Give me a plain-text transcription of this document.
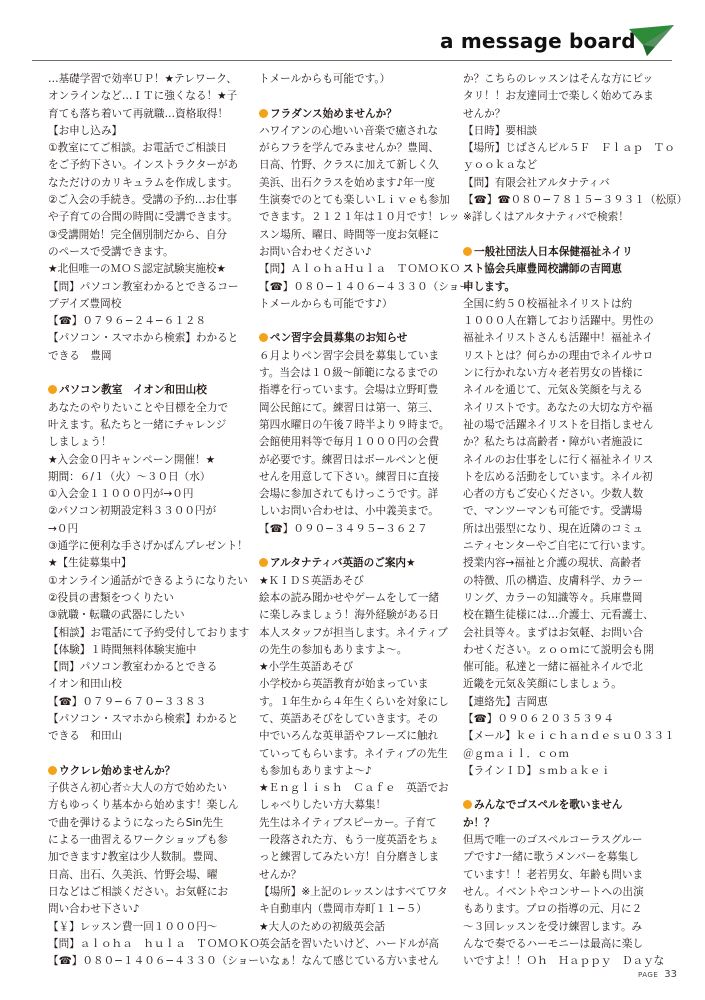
a message board
…基礎学習で効率ＵＰ！★テレワーク、
オンラインなど…ＩＴに強くなる！★子
育ても落ち着いて再就職…資格取得！
【お申し込み】
①教室にてご相談。お電話でご相談日
をご予約下さい。インストラクターがあ
なただけのカリキュラムを作成します。
②ご入会の手続き。受講の予約…お仕事
や子育ての合間の時間に受講できます。
③受講開始！完全個別制だから、自分
のペースで受講できます。
★北但唯一のＭＯＳ認定試験実施校★
【問】パソコン教室わかるとできるコー
プデイズ豊岡校
【☎】０７９６−２４−６１２８
【パソコン・スマホから検索】わかると
できる　豊岡
パソコン教室　イオン和田山校
あなたのやりたいことや目標を全力で
叶えます。私たちと一緒にチャレンジ
しましょう！
★入会金０円キャンペーン開催！★
期間：６/１（火）〜３０日（水）
①入会金１１０００円が→０円
②パソコン初期設定料３３００円が
→０円
③通学に便利な手さげかばんプレゼント！
★【生徒募集中】
①オンライン通話ができるようになりたい
②役員の書類をつくりたい
③就職・転職の武器にしたい
【相談】お電話にて予約受付しております
【体験】１時間無料体験実施中
【問】パソコン教室わかるとできる
イオン和田山校
【☎】０７９−６７０−３３８３
【パソコン・スマホから検索】わかると
できる　和田山
ウクレレ始めませんか？
子供さん初心者☆大人の方で始めたい
方もゆっくり基本から始めます！楽しん
で曲を弾けるようになったらSin先生
による一曲習えるワークショップも参
加できます♪教室は少人数制。豊岡、
日高、出石、久美浜、竹野会場、曜
日などはご相談ください。お気軽にお
問い合わせ下さい♪
【￥】レッスン費一回１０００円〜
【問】ａｌｏｈａ　ｈｕｌａ　ＴＯＭＯＫＯ
【☎】０８０−１４０６−４３３０（ショー
トメールからも可能です。）
フラダンス始めませんか？
ハワイアンの心地いい音楽で癒されな
がらフラを学んでみませんか？豊岡、
日高、竹野、クラスに加えて新しく久
美浜、出石クラスを始めます♪年一度
生演奏でのとても楽しいＬｉｖｅも参加
できます。２１２１年は１０月です！レッ
スン場所、曜日、時間等一度お気軽に
お問い合わせください♪
【問】ＡｌｏｈａＨｕｌａ　ＴＯＭＯＫＯ
【☎】０８０−１４０６−４３３０（ショー
トメールからも可能です♪）
ペン習字会員募集のお知らせ
６月よりペン習字会員を募集していま
す。当会は１０級〜師範になるまでの
指導を行っています。会場は立野町豊
岡公民館にて。練習日は第一、第三、
第四水曜日の午後７時半より９時まで。
会館使用料等で毎月１０００円の会費
が必要です。練習日はボールペンと便
せんを用意して下さい。練習日に直接
会場に参加されてもけっこうです。詳
しいお問い合わせは、小中義美まで。
【☎】０９０−３４９５−３６２７
アルタナティバ英語のご案内★
★ＫＩＤＳ英語あそび
絵本の読み聞かせやゲームをして一緒
に楽しみましょう！海外経験がある日
本人スタッフが担当します。ネイティブ
の先生の参加もありますよ〜。
★小学生英語あそび
小学校から英語教育が始まっていま
す。１年生から４年生くらいを対象にし
て、英語あそびをしていきます。その
中でいろんな英単語やフレーズに触れ
ていってもらいます。ネイティブの先生
も参加もありますよ〜♪
★Ｅｎｇｌｉｓｈ　Ｃａｆｅ　英語でお
しゃべりしたい方大募集！
先生はネイティブスピーカー。子育て
一段落された方、もう一度英語をちょ
っと練習してみたい方！自分磨きしま
せんか？
【場所】※上記のレッスンはすべてワタ
キ自動車内（豊岡市寿町１１−５）
★大人のための初級英会話
英会話を習いたいけど、ハードルが高
いなぁ！なんて感じている方いません
か？こちらのレッスンはそんな方にピッ
タリ！！お友達同士で楽しく始めてみま
せんか？
【日時】要相談
【場所】じばさんビル５Ｆ　Ｆｌａｐ　Ｔｏ
ｙｏｏｋａなど
【問】有限会社アルタナティバ
【☎】☎０８０−７８１５−３９３１（松原）
※詳しくはアルタナティバで検索！
一般社団法人日本保健福祉ネイリ
スト協会兵庫豊岡校講師の吉岡恵
申します。
全国に約５０校福祉ネイリストは約
１０００人在籍しており活躍中。男性の
福祉ネイリストさんも活躍中！福祉ネイ
リストとは？何らかの理由でネイルサロ
ンに行かれない方々老若男女の皆様に
ネイルを通じて、元気＆笑顔を与える
ネイリストです。あなたの大切な方や福
祉の場で活躍ネイリストを目指しません
か？私たちは高齢者・障がい者施設に
ネイルのお仕事をしに行く福祉ネイリス
トを広める活動をしています。ネイル初
心者の方もご安心ください。少数人数
で、マンツーマンも可能です。受講場
所は出張型になり、現在近隣のコミュ
ニティセンターやご自宅にて行います。
授業内容→福祉と介護の現状、高齢者
の特徴、爪の構造、皮膚科学、カラー
リング、カラーの知識等々。兵庫豊岡
校在籍生徒様には…介護士、元看護士、
会社員等々。まずはお気軽、お問い合
わせください。ｚｏｏｍにて説明会も開
催可能。私達と一緒に福祉ネイルで北
近畿を元気＆笑顔にしましょう。
【連絡先】吉岡恵
【☎】０９０６２０３５３９４
【メール】ｋｅｉｃｈａｎｄｅｓｕ０３３１
＠ｇｍａｉｌ．ｃｏｍ
【ラインＩＤ】ｓｍｂａｋｅｉ
みんなでゴスペルを歌いません
か！？
但馬で唯一のゴスペルコーラスグルー
プです♪一緒に歌うメンバーを募集し
ています！！老若男女、年齢も問いま
せん。イベントやコンサートへの出演
もあります。プロの指導の元、月に２
〜３回レッスンを受け練習します。み
んなで奏でるハーモニーは最高に楽し
いですよ！！Ｏｈ　Ｈａｐｐｙ　Ｄａｙな
PAGE 33
